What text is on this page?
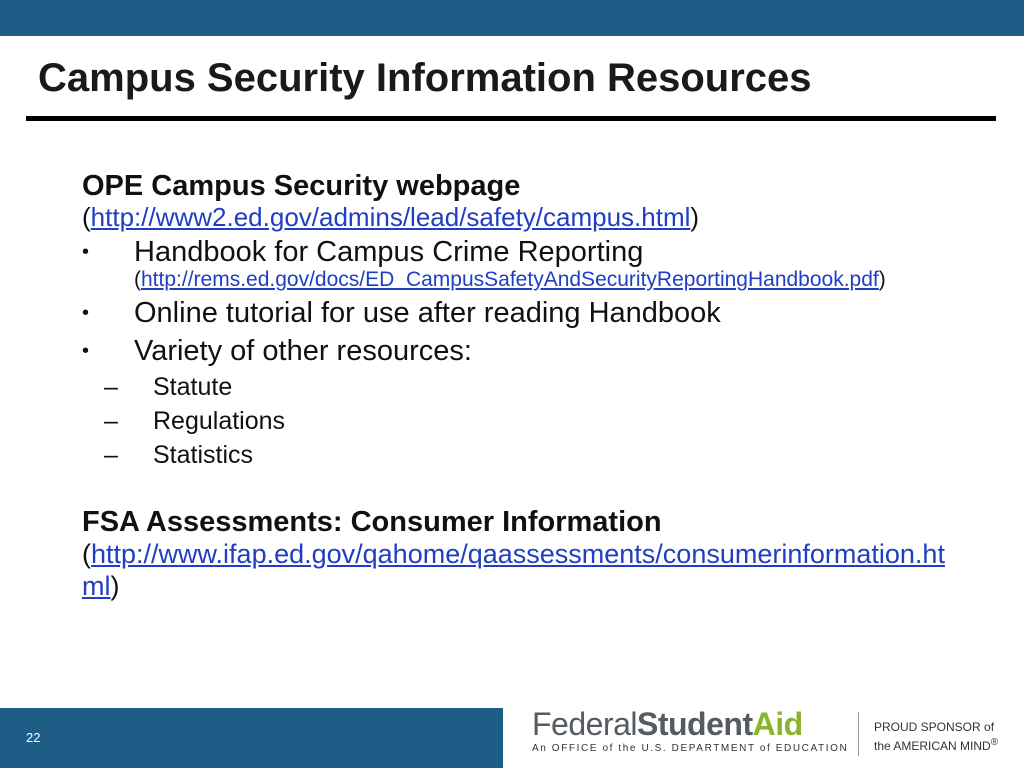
Campus Security Information Resources
OPE Campus Security webpage
(http://www2.ed.gov/admins/lead/safety/campus.html)
• Handbook for Campus Crime Reporting
(http://rems.ed.gov/docs/ED_CampusSafetyAndSecurityReportingHandbook.pdf)
• Online tutorial for use after reading Handbook
• Variety of other resources:
– Statute
– Regulations
– Statistics
FSA Assessments: Consumer Information
(http://www.ifap.ed.gov/qahome/qaassessments/consumerinformation.html)
22	FederalStudentAid
An OFFICE of the U.S. DEPARTMENT of EDUCATION
PROUD SPONSOR of
the AMERICAN MIND®
